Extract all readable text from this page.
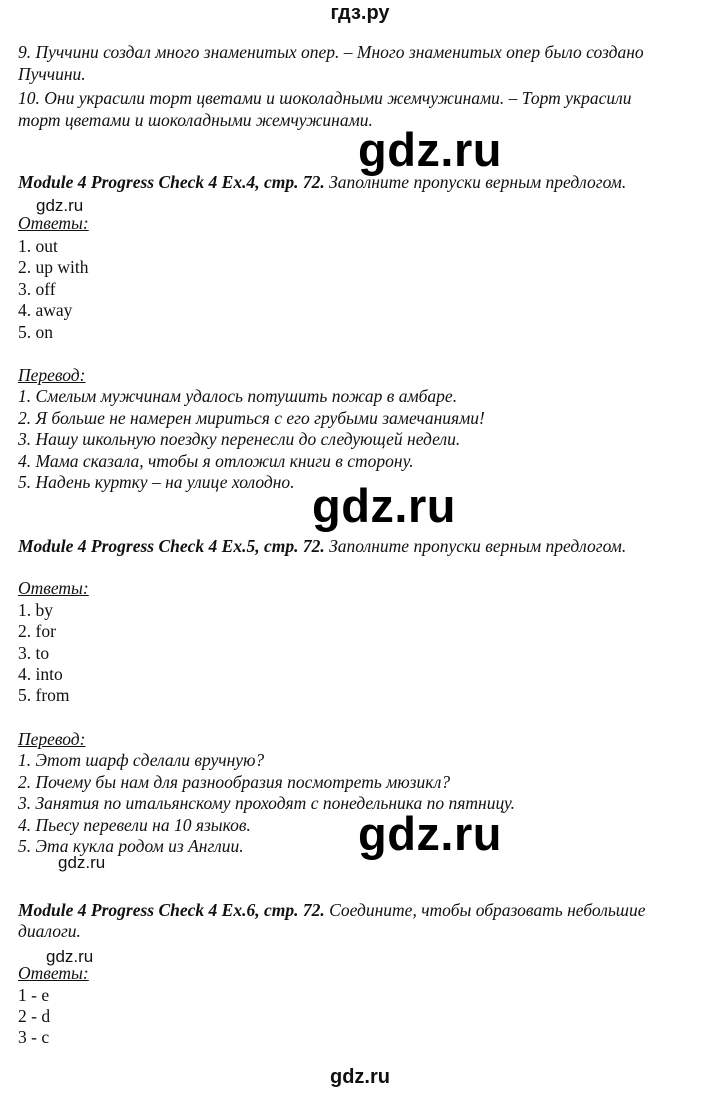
гдз.ру
9. Пуччини создал много знаменитых опер. – Много знаменитых опер было создано
Пуччини.
10. Они украсили торт цветами и шоколадными жемчужинами. – Торт украсили
торт цветами и шоколадными жемчужинами.
gdz.ru
Module 4 Progress Check 4 Ex.4, стр. 72. Заполните пропуски верным предлогом.
gdz.ru
Ответы:
1. out
2. up with
3. off
4. away
5. on
Перевод:
1. Смелым мужчинам удалось потушить пожар в амбаре.
2. Я больше не намерен мириться с его грубыми замечаниями!
3. Нашу школьную поездку перенесли до следующей недели.
4. Мама сказала, чтобы я отложил книги в сторону.
5. Надень куртку – на улице холодно. gdz.ru
Module 4 Progress Check 4 Ex.5, стр. 72. Заполните пропуски верным предлогом.
Ответы:
1. by
2. for
3. to
4. into
5. from
Перевод:
1. Этот шарф сделали вручную?
2. Почему бы нам для разнообразия посмотреть мюзикл?
3. Занятия по итальянскому проходят с понедельника по пятницу.
4. Пьесу перевели на 10 языков.
5. Эта кукла родом из Англии. gdz.ru
gdz.ru
Module 4 Progress Check 4 Ex.6, стр. 72. Соедините, чтобы образовать небольшие
диалоги.
gdz.ru
Ответы:
1 - e
2 - d
3 - c
gdz.ru
